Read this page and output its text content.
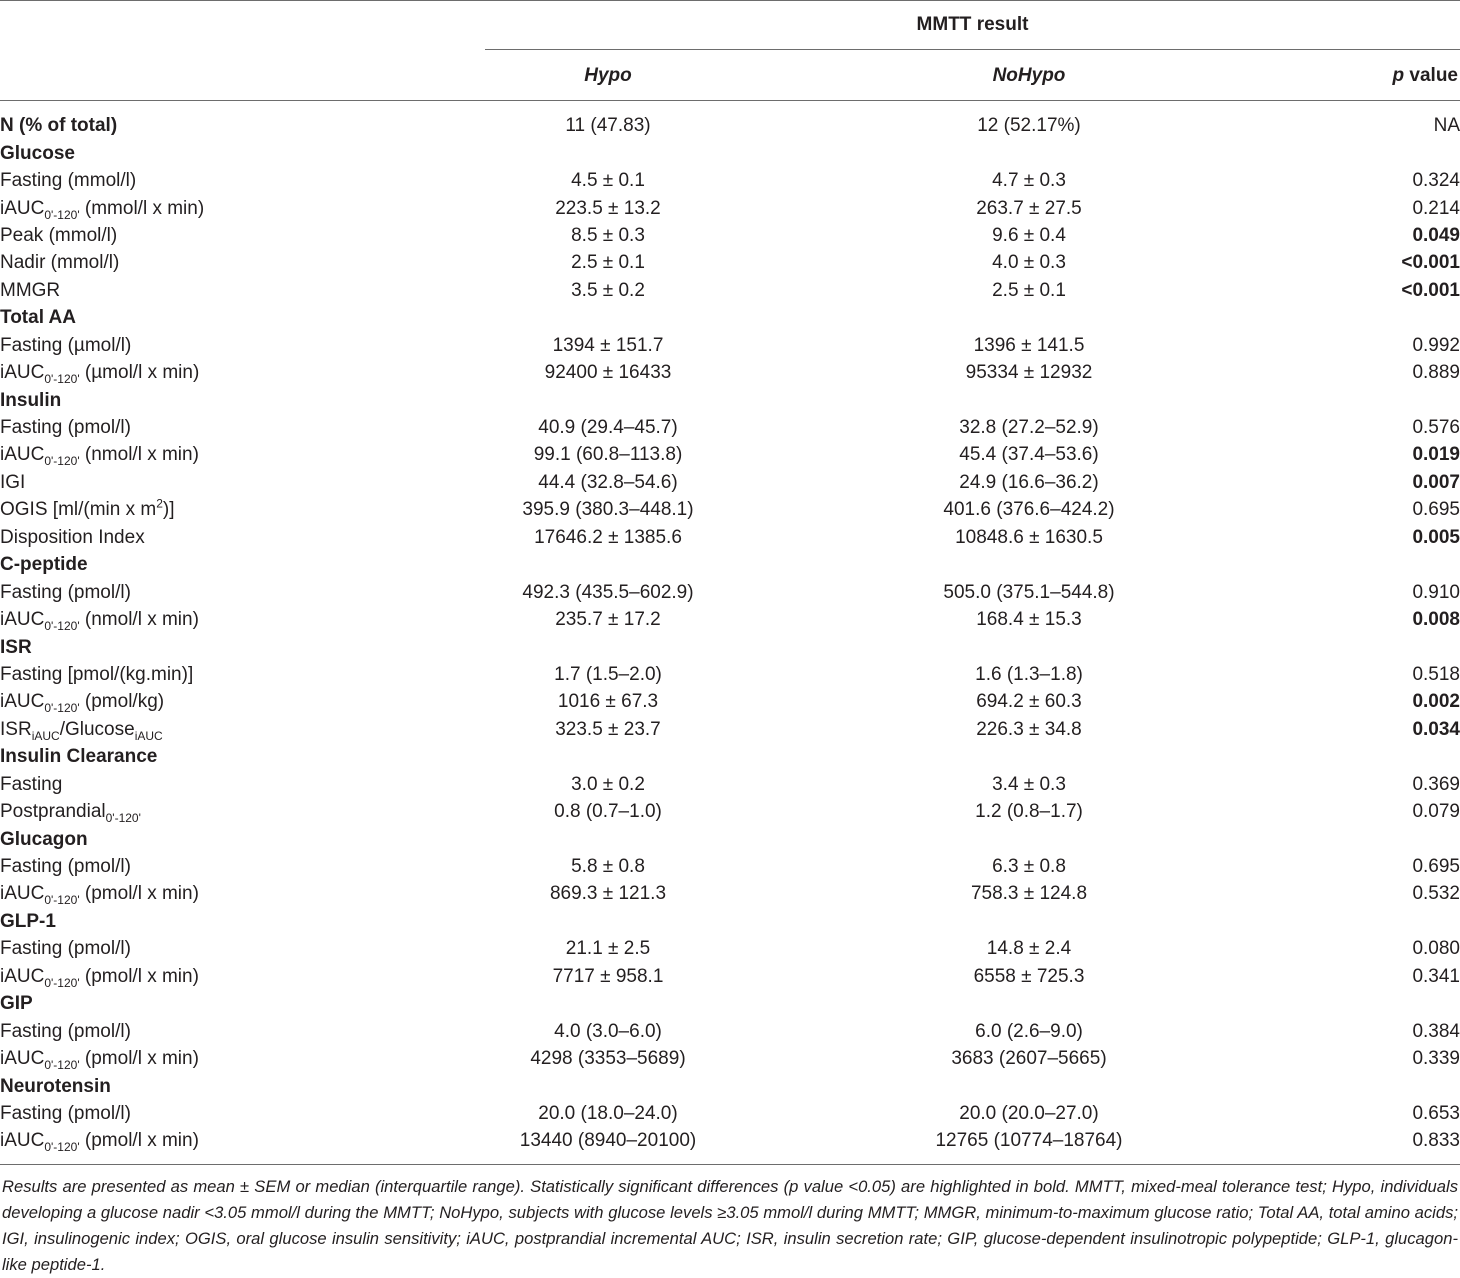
MMTT result
Hypo	NoHypo	p value
N (% of total)	11 (47.83)		12 (52.17%)	NA
Glucose				
Fasting (mmol/l)	4.5 ± 0.1		4.7 ± 0.3	0.324
iAUC$_{0'-120'}$ (mmol/l x min)	223.5 ± 13.2		263.7 ± 27.5	0.214
Peak (mmol/l)	8.5 ± 0.3		9.6 ± 0.4	0.049
Nadir (mmol/l)	2.5 ± 0.1		4.0 ± 0.3	<0.001
MMGR	3.5 ± 0.2		2.5 ± 0.1	<0.001
Total AA				
Fasting (µmol/l)	1394 ± 151.7		1396 ± 141.5	0.992
iAUC$_{0'-120'}$ (µmol/l x min)	92400 ± 16433		95334 ± 12932	0.889
Insulin				
Fasting (pmol/l)	40.9 (29.4–45.7)		32.8 (27.2–52.9)	0.576
iAUC$_{0'-120'}$ (nmol/l x min)	99.1 (60.8–113.8)		45.4 (37.4–53.6)	0.019
IGI	44.4 (32.8–54.6)		24.9 (16.6–36.2)	0.007
OGIS [ml/(min x $m^2$)]	395.9 (380.3–448.1)		401.6 (376.6–424.2)	0.695
Disposition Index	17646.2 ± 1385.6		10848.6 ± 1630.5	0.005
C-peptide				
Fasting (pmol/l)	492.3 (435.5–602.9)		505.0 (375.1–544.8)	0.910
iAUC$_{0'-120'}$ (nmol/l x min)	235.7 ± 17.2		168.4 ± 15.3	0.008
ISR				
Fasting [pmol/(kg.min)]	1.7 (1.5–2.0)		1.6 (1.3–1.8)	0.518
iAUC$_{0'-120'}$ (pmol/kg)	1016 ± 67.3		694.2 ± 60.3	0.002
$ISR_{iAUC}/Glucose_{iAUC}$	323.5 ± 23.7		226.3 ± 34.8	0.034
Insulin Clearance				
Fasting	3.0 ± 0.2		3.4 ± 0.3	0.369
Postprandial$_{0'-120'}$	0.8 (0.7–1.0)		1.2 (0.8–1.7)	0.079
Glucagon				
Fasting (pmol/l)	5.8 ± 0.8		6.3 ± 0.8	0.695
iAUC$_{0'-120'}$ (pmol/l x min)	869.3 ± 121.3		758.3 ± 124.8	0.532
GLP-1				
Fasting (pmol/l)	21.1 ± 2.5		14.8 ± 2.4	0.080
iAUC$_{0'-120'}$ (pmol/l x min)	7717 ± 958.1		6558 ± 725.3	0.341
GIP				
Fasting (pmol/l)	4.0 (3.0–6.0)		6.0 (2.6–9.0)	0.384
iAUC$_{0'-120'}$ (pmol/l x min)	4298 (3353–5689)		3683 (2607–5665)	0.339
Neurotensin				
Fasting (pmol/l)	20.0 (18.0–24.0)		20.0 (20.0–27.0)	0.653
iAUC$_{0'-120'}$ (pmol/l x min)	13440 (8940–20100)		12765 (10774–18764)	0.833
Results are presented as mean ± SEM or median (interquartile range). Statistically significant differences (p value <0.05) are highlighted in bold. MMTT, mixed-meal tolerance test; Hypo, individuals developing a glucose nadir <3.05 mmol/l during the MMTT; NoHypo, subjects with glucose levels ≥3.05 mmol/l during MMTT; MMGR, minimum-to-maximum glucose ratio; Total AA, total amino acids; IGI, insulinogenic index; OGIS, oral glucose insulin sensitivity; iAUC, postprandial incremental AUC; ISR, insulin secretion rate; GIP, glucose-dependent insulinotropic polypeptide; GLP-1, glucagon-like peptide-1.
